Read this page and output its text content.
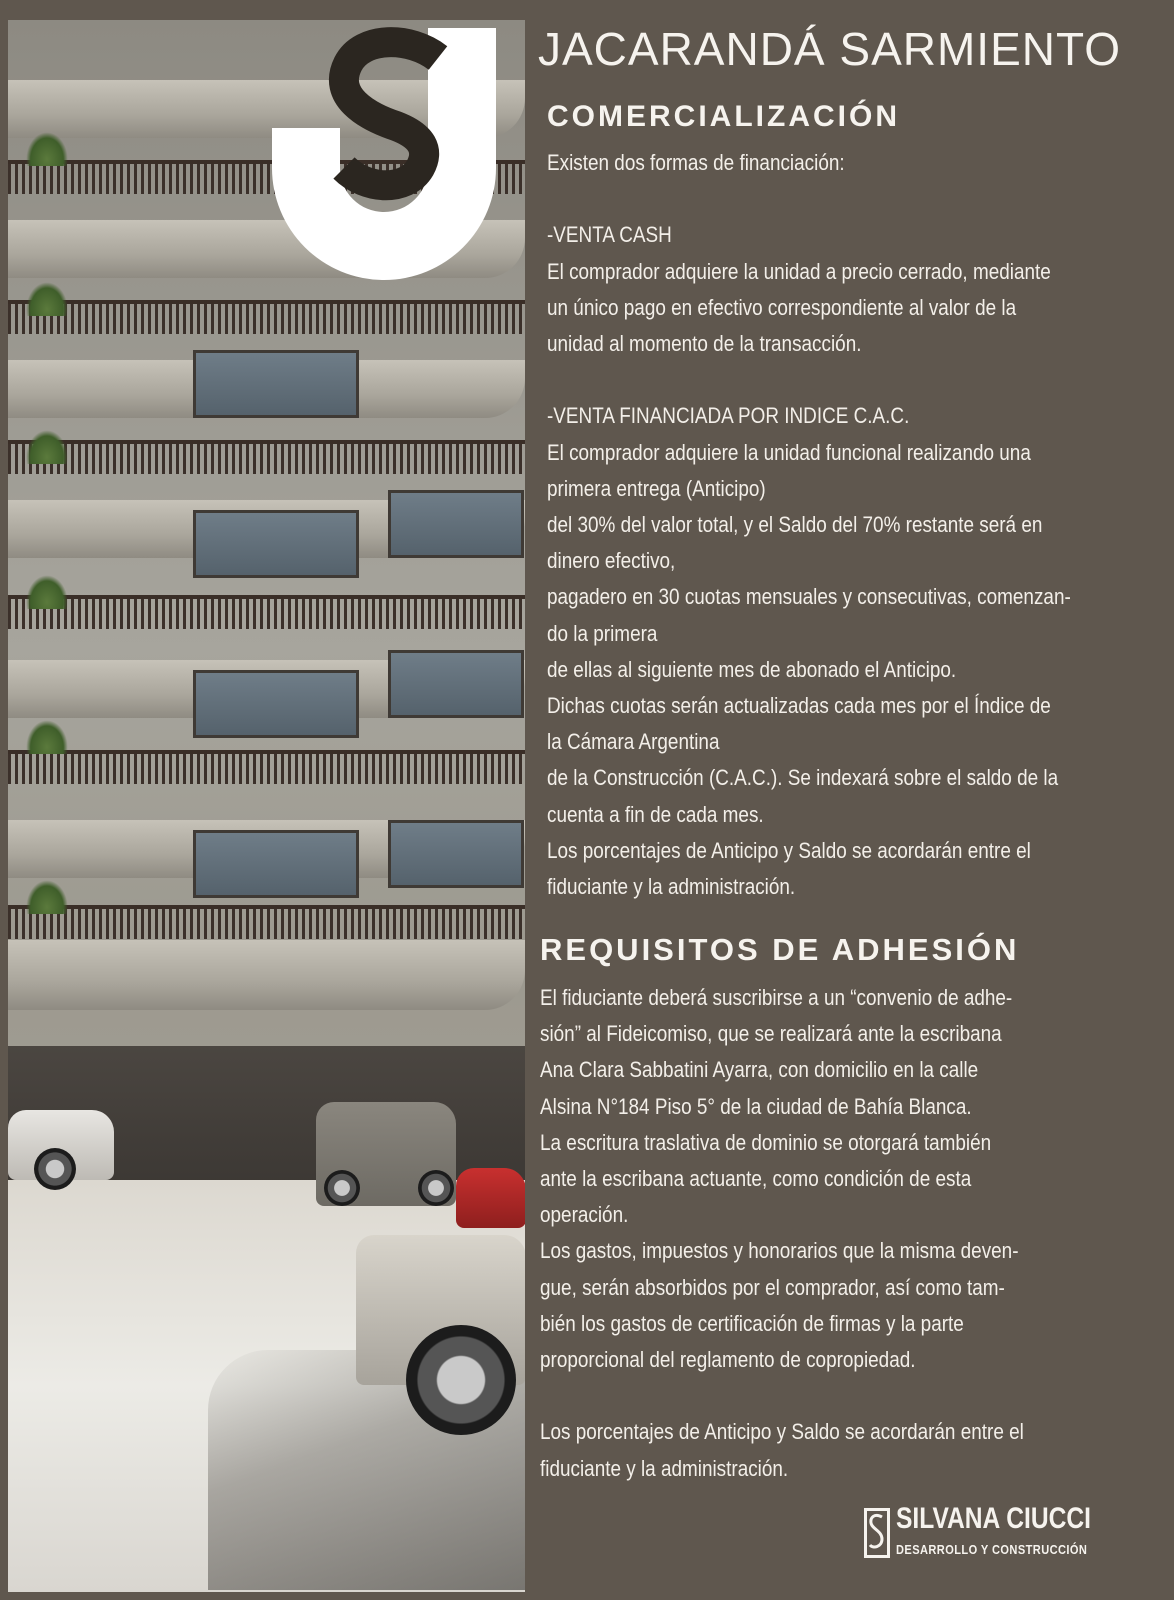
JACARANDÁ SARMIENTO
COMERCIALIZACIÓN
Existen dos formas de financiación:
-VENTA CASH
El comprador adquiere la unidad a precio cerrado, mediante
un único pago en efectivo correspondiente al valor de la
unidad al momento de la transacción.
-VENTA FINANCIADA POR INDICE C.A.C.
El comprador adquiere la unidad funcional realizando una
primera entrega (Anticipo)
del 30% del valor total, y el Saldo del 70% restante será en
dinero efectivo,
pagadero en 30 cuotas mensuales y consecutivas, comenzan-
do la primera
de ellas al siguiente mes de abonado el Anticipo.
Dichas cuotas serán actualizadas cada mes por el Índice de
la Cámara Argentina
de la Construcción (C.A.C.). Se indexará sobre el saldo de la
cuenta a fin de cada mes.
Los porcentajes de Anticipo y Saldo se acordarán entre el
fiduciante y la administración.
REQUISITOS DE ADHESIÓN
El fiduciante deberá suscribirse a un “convenio de adhe-
sión” al Fideicomiso, que se realizará ante la escribana
Ana Clara Sabbatini Ayarra, con domicilio en la calle
Alsina N°184 Piso 5° de la ciudad de Bahía Blanca.
La escritura traslativa de dominio se otorgará también
ante la escribana actuante, como condición de esta
operación.
Los gastos, impuestos y honorarios que la misma deven-
gue, serán absorbidos por el comprador, así como tam-
bién los gastos de certificación de firmas y la parte
proporcional del reglamento de copropiedad.
Los porcentajes de Anticipo y Saldo se acordarán entre el
fiduciante y la administración.
SILVANA CIUCCI
DESARROLLO Y CONSTRUCCIÓN
